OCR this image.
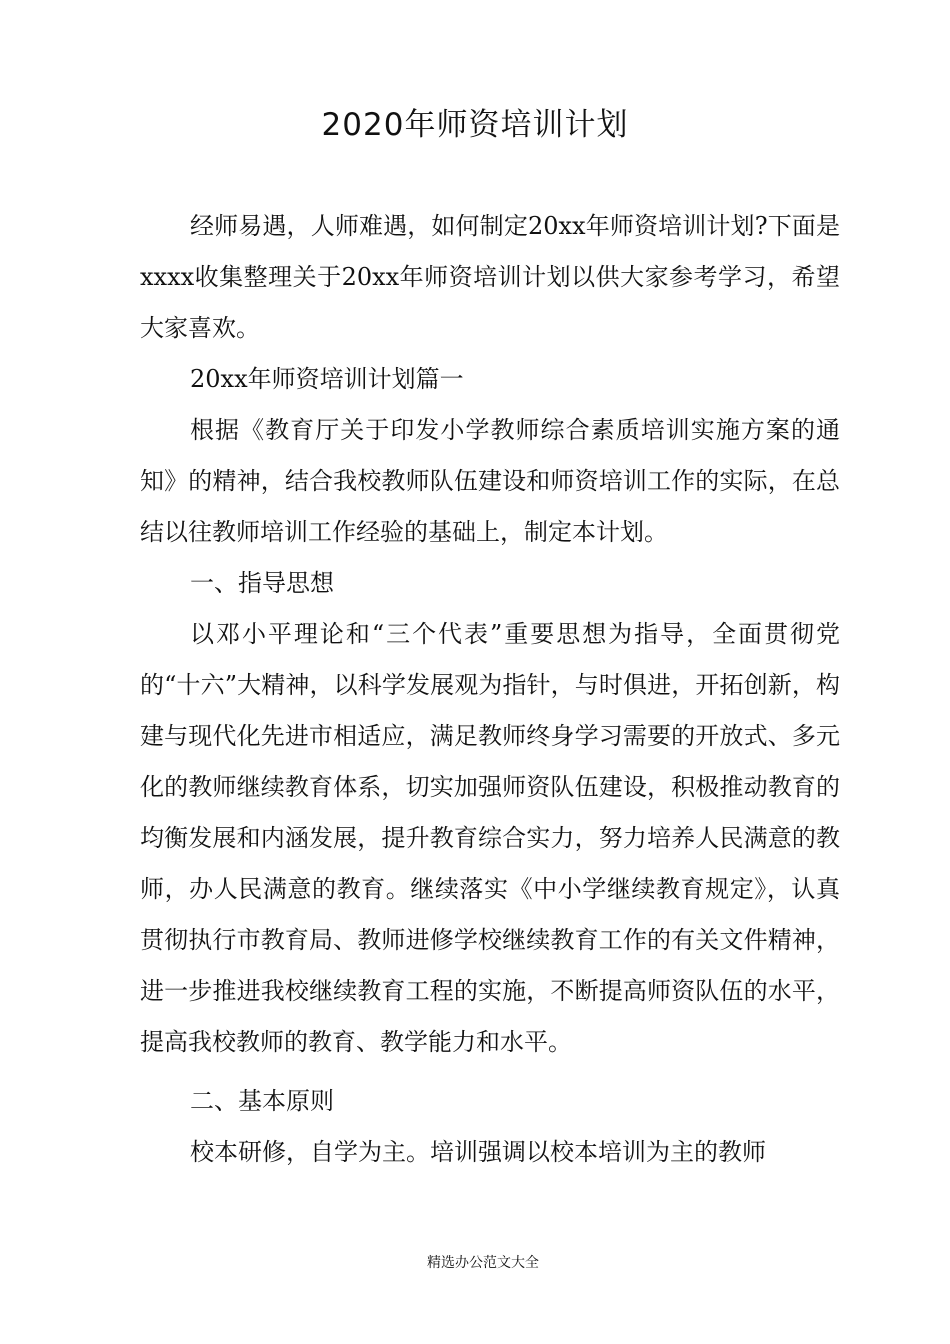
2020年师资培训计划

经师易遇，人师难遇，如何制定20xx年师资培训计划?下面是xxxx收集整理关于20xx年师资培训计划以供大家参考学习，希望大家喜欢。

20xx年师资培训计划篇一

根据《教育厅关于印发小学教师综合素质培训实施方案的通知》的精神，结合我校教师队伍建设和师资培训工作的实际，在总结以往教师培训工作经验的基础上，制定本计划。

一、指导思想

以邓小平理论和“三个代表”重要思想为指导，全面贯彻党的“十六”大精神，以科学发展观为指针，与时俱进，开拓创新，构建与现代化先进市相适应，满足教师终身学习需要的开放式、多元化的教师继续教育体系，切实加强师资队伍建设，积极推动教育的均衡发展和内涵发展，提升教育综合实力，努力培养人民满意的教师，办人民满意的教育。继续落实《中小学继续教育规定》，认真贯彻执行市教育局、教师进修学校继续教育工作的有关文件精神，进一步推进我校继续教育工程的实施，不断提高师资队伍的水平，提高我校教师的教育、教学能力和水平。

二、基本原则

校本研修，自学为主。培训强调以校本培训为主的教师

精选办公范文大全
